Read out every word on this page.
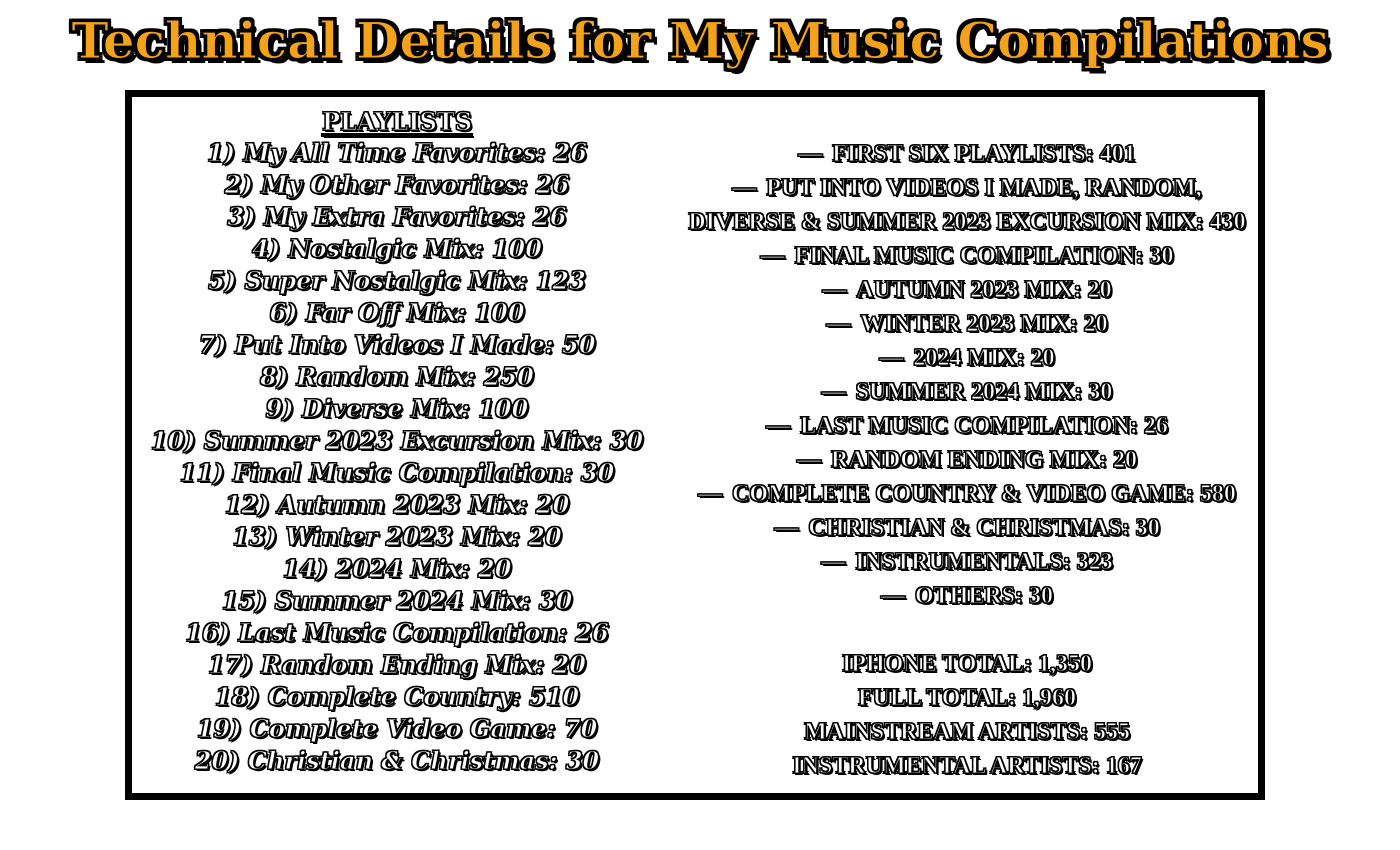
Technical Details for My Music Compilations
PLAYLISTS
1) My All Time Favorites: 26
2) My Other Favorites: 26
3) My Extra Favorites: 26
4) Nostalgic Mix: 100
5) Super Nostalgic Mix: 123
6) Far Off Mix: 100
7) Put Into Videos I Made: 50
8) Random Mix: 250
9) Diverse Mix: 100
10) Summer 2023 Excursion Mix: 30
11) Final Music Compilation: 30
12) Autumn 2023 Mix: 20
13) Winter 2023 Mix: 20
14) 2024 Mix: 20
15) Summer 2024 Mix: 30
16) Last Music Compilation: 26
17) Random Ending Mix: 20
18) Complete Country: 510
19) Complete Video Game: 70
20) Christian & Christmas: 30
— FIRST SIX PLAYLISTS: 401
— PUT INTO VIDEOS I MADE, RANDOM,
DIVERSE & SUMMER 2023 EXCURSION MIX: 430
— FINAL MUSIC COMPILATION: 30
— AUTUMN 2023 MIX: 20
— WINTER 2023 MIX: 20
— 2024 MIX: 20
— SUMMER 2024 MIX: 30
— LAST MUSIC COMPILATION: 26
— RANDOM ENDING MIX: 20
— COMPLETE COUNTRY & VIDEO GAME: 580
— CHRISTIAN & CHRISTMAS: 30
— INSTRUMENTALS: 323
— OTHERS: 30
IPHONE TOTAL: 1,350
FULL TOTAL: 1,960
MAINSTREAM ARTISTS: 555
INSTRUMENTAL ARTISTS: 167
